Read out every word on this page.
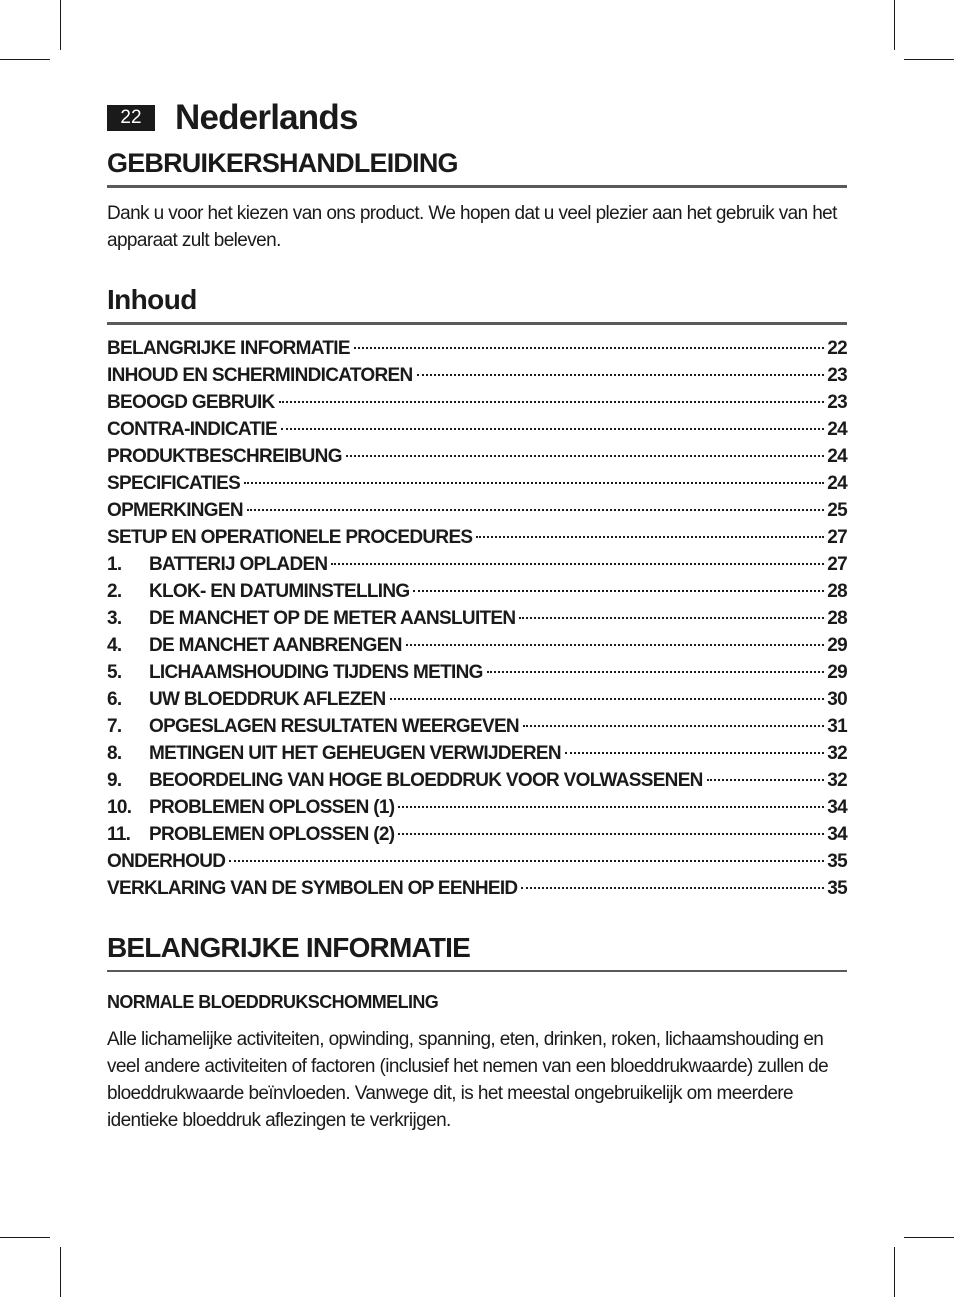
22 Nederlands
GEBRUIKERSHANDLEIDING
Dank u voor het kiezen van ons product. We hopen dat u veel plezier aan het gebruik van het apparaat zult beleven.
Inhoud
BELANGRIJKE INFORMATIE	22
INHOUD EN SCHERMINDICATOREN	23
BEOOGD GEBRUIK	23
CONTRA-INDICATIE	24
PRODUKTBESCHREIBUNG	24
SPECIFICATIES	24
OPMERKINGEN	25
SETUP EN OPERATIONELE PROCEDURES	27
1.	BATTERIJ OPLADEN	27
2.	KLOK- EN DATUMINSTELLING	28
3.	DE MANCHET OP DE METER AANSLUITEN	28
4.	DE MANCHET AANBRENGEN	29
5.	LICHAAMSHOUDING TIJDENS METING	29
6.	UW BLOEDDRUK AFLEZEN	30
7.	OPGESLAGEN RESULTATEN WEERGEVEN	31
8.	METINGEN UIT HET GEHEUGEN VERWIJDEREN	32
9.	BEOORDELING VAN HOGE BLOEDDRUK VOOR VOLWASSENEN	32
10. PROBLEMEN OPLOSSEN (1)	34
11. PROBLEMEN OPLOSSEN (2)	34
ONDERHOUD	35
VERKLARING VAN DE SYMBOLEN OP EENHEID	35
BELANGRIJKE INFORMATIE
NORMALE BLOEDDRUKSCHOMMELING
Alle lichamelijke activiteiten, opwinding, spanning, eten, drinken, roken, lichaamshouding en veel andere activiteiten of factoren (inclusief het nemen van een bloeddrukwaarde) zullen de bloeddrukwaarde beïnvloeden. Vanwege dit, is het meestal ongebruikelijk om meerdere identieke bloeddruk aflezingen te verkrijgen.
